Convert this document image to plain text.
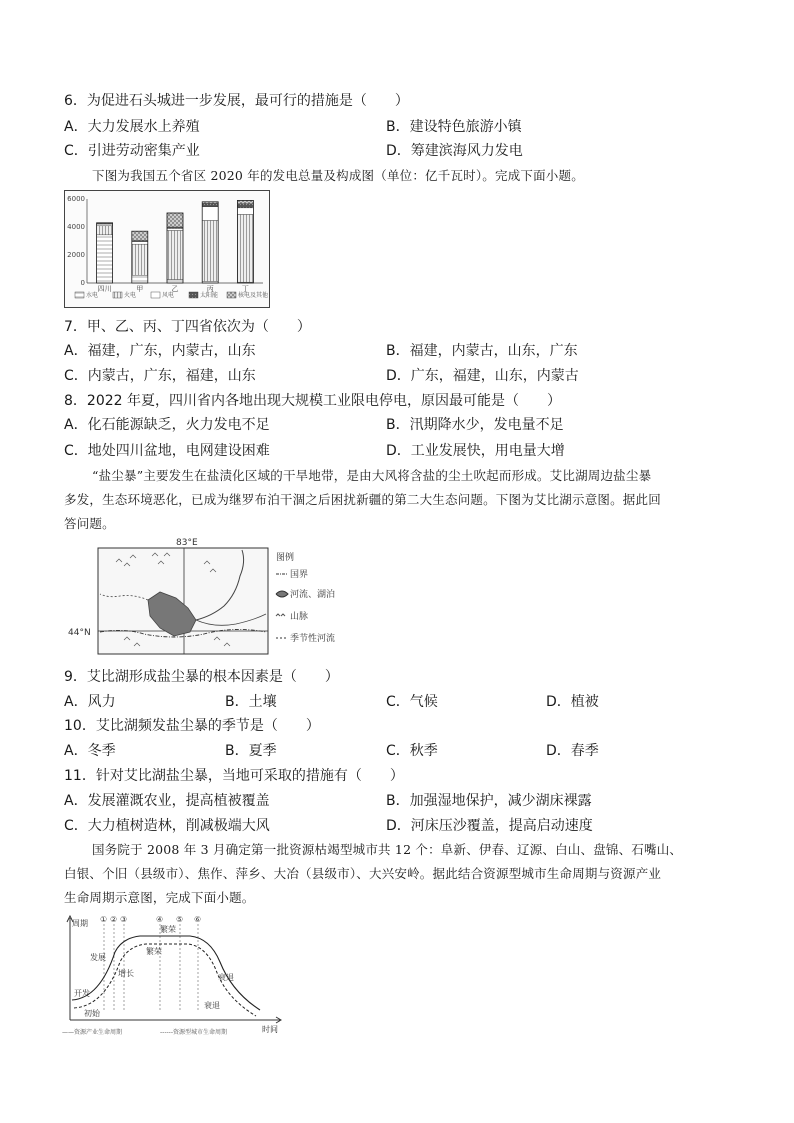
6．为促进石头城进一步发展，最可行的措施是（　　）
A．大力发展水上养殖	B．建设特色旅游小镇
C．引进劳动密集产业	D．筹建滨海风力发电
下图为我国五个省区 2020 年的发电总量及构成图（单位：亿千瓦时）。完成下面小题。
6000
4000
2000
0
四川	甲	乙	丙	丁
水电	火电	风电	太阳能	核电及其他
7．甲、乙、丙、丁四省依次为（　　）
A．福建，广东，内蒙古，山东	B．福建，内蒙古，山东，广东
C．内蒙古，广东，福建，山东	D．广东，福建，山东，内蒙古
8．2022 年夏，四川省内各地出现大规模工业限电停电，原因最可能是（　　）
A．化石能源缺乏，火力发电不足	B．汛期降水少，发电量不足
C．地处四川盆地，电网建设困难	D．工业发展快，用电量大增
“盐尘暴”主要发生在盐渍化区域的干旱地带，是由大风将含盐的尘土吹起而形成。艾比湖周边盐尘暴
多发，生态环境恶化，已成为继罗布泊干涸之后困扰新疆的第二大生态问题。下图为艾比湖示意图。据此回
答问题。
83°E
44°N
图例
国界
河流、湖泊
山脉
季节性河流
9．艾比湖形成盐尘暴的根本因素是（　　）
A．风力	B．土壤	C．气候	D．植被
10．艾比湖频发盐尘暴的季节是（　　）
A．冬季	B．夏季	C．秋季	D．春季
11．针对艾比湖盐尘暴，当地可采取的措施有（　　）
A．发展灌溉农业，提高植被覆盖	B．加强湿地保护，减少湖床裸露
C．大力植树造林，削减极端大风	D．河床压沙覆盖，提高启动速度
国务院于 2008 年 3 月确定第一批资源枯竭型城市共 12 个：阜新、伊春、辽源、白山、盘锦、石嘴山、
白银、个旧（县级市）、焦作、萍乡、大冶（县级市）、大兴安岭。据此结合资源型城市生命周期与资源产业
生命周期示意图，完成下面小题。
周期
时间
① ② ③	④ ⑤ ⑥
开发
初始
发展
增长
繁荣
繁荣
衰退
衰退
——资源产业生命周期	------资源型城市生命周期
